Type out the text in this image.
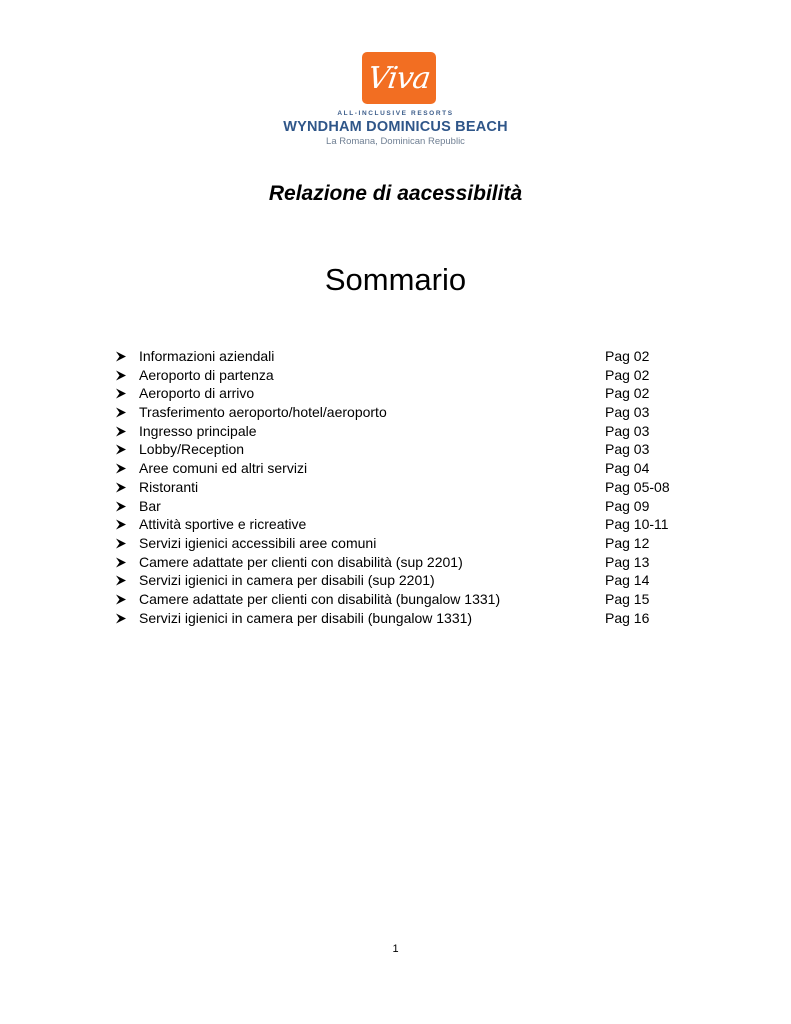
Viva
ALL-INCLUSIVE RESORTS
WYNDHAM DOMINICUS BEACH
La Romana, Dominican Republic
Relazione di aacessibilità
Sommario
Informazioni aziendali	Pag 02
Aeroporto di partenza	Pag 02
Aeroporto di arrivo	Pag 02
Trasferimento aeroporto/hotel/aeroporto	Pag 03
Ingresso principale	Pag 03
Lobby/Reception	Pag 03
Aree comuni ed altri servizi	Pag 04
Ristoranti	Pag 05-08
Bar	Pag 09
Attività sportive e ricreative	Pag 10-11
Servizi igienici accessibili aree comuni	Pag 12
Camere adattate per clienti con disabilità (sup 2201)	Pag 13
Servizi igienici in camera per disabili (sup 2201)	Pag 14
Camere adattate per clienti con disabilità (bungalow 1331)	Pag 15
Servizi igienici in camera per disabili (bungalow 1331)	Pag 16
1
